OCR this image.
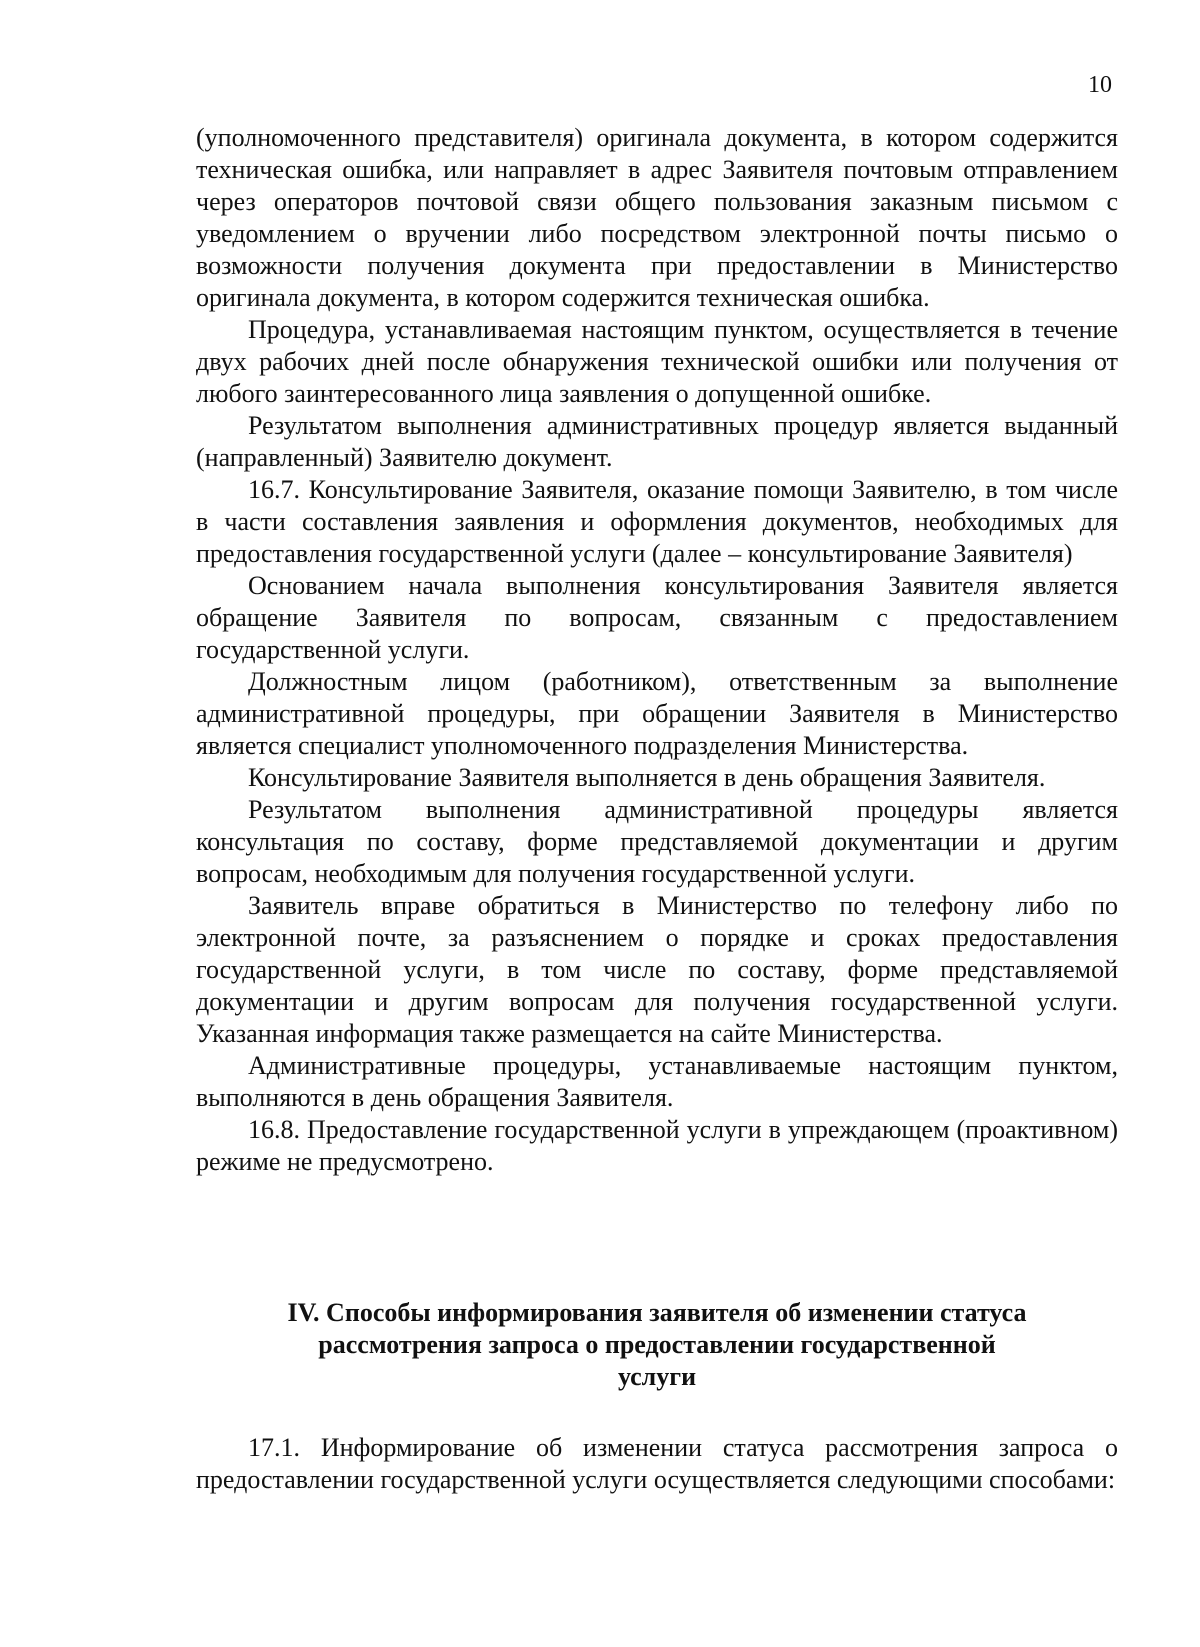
10

(уполномоченного представителя) оригинала документа, в котором содержится техническая ошибка, или направляет в адрес Заявителя почтовым отправлением через операторов почтовой связи общего пользования заказным письмом с уведомлением о вручении либо посредством электронной почты письмо о возможности получения документа при предоставлении в Министерство оригинала документа, в котором содержится техническая ошибка.

Процедура, устанавливаемая настоящим пунктом, осуществляется в течение двух рабочих дней после обнаружения технической ошибки или получения от любого заинтересованного лица заявления о допущенной ошибке.

Результатом выполнения административных процедур является выданный (направленный) Заявителю документ.

16.7. Консультирование Заявителя, оказание помощи Заявителю, в том числе в части составления заявления и оформления документов, необходимых для предоставления государственной услуги (далее – консультирование Заявителя)

Основанием начала выполнения консультирования Заявителя является обращение Заявителя по вопросам, связанным с предоставлением государственной услуги.

Должностным лицом (работником), ответственным за выполнение административной процедуры, при обращении Заявителя в Министерство является специалист уполномоченного подразделения Министерства.

Консультирование Заявителя выполняется в день обращения Заявителя.

Результатом выполнения административной процедуры является консультация по составу, форме представляемой документации и другим вопросам, необходимым для получения государственной услуги.

Заявитель вправе обратиться в Министерство по телефону либо по электронной почте, за разъяснением о порядке и сроках предоставления государственной услуги, в том числе по составу, форме представляемой документации и другим вопросам для получения государственной услуги. Указанная информация также размещается на сайте Министерства.

Административные процедуры, устанавливаемые настоящим пунктом, выполняются в день обращения Заявителя.

16.8. Предоставление государственной услуги в упреждающем (проактивном) режиме не предусмотрено.

IV. Способы информирования заявителя об изменении статуса
рассмотрения запроса о предоставлении государственной
услуги

17.1. Информирование об изменении статуса рассмотрения запроса о предоставлении государственной услуги осуществляется следующими способами:
